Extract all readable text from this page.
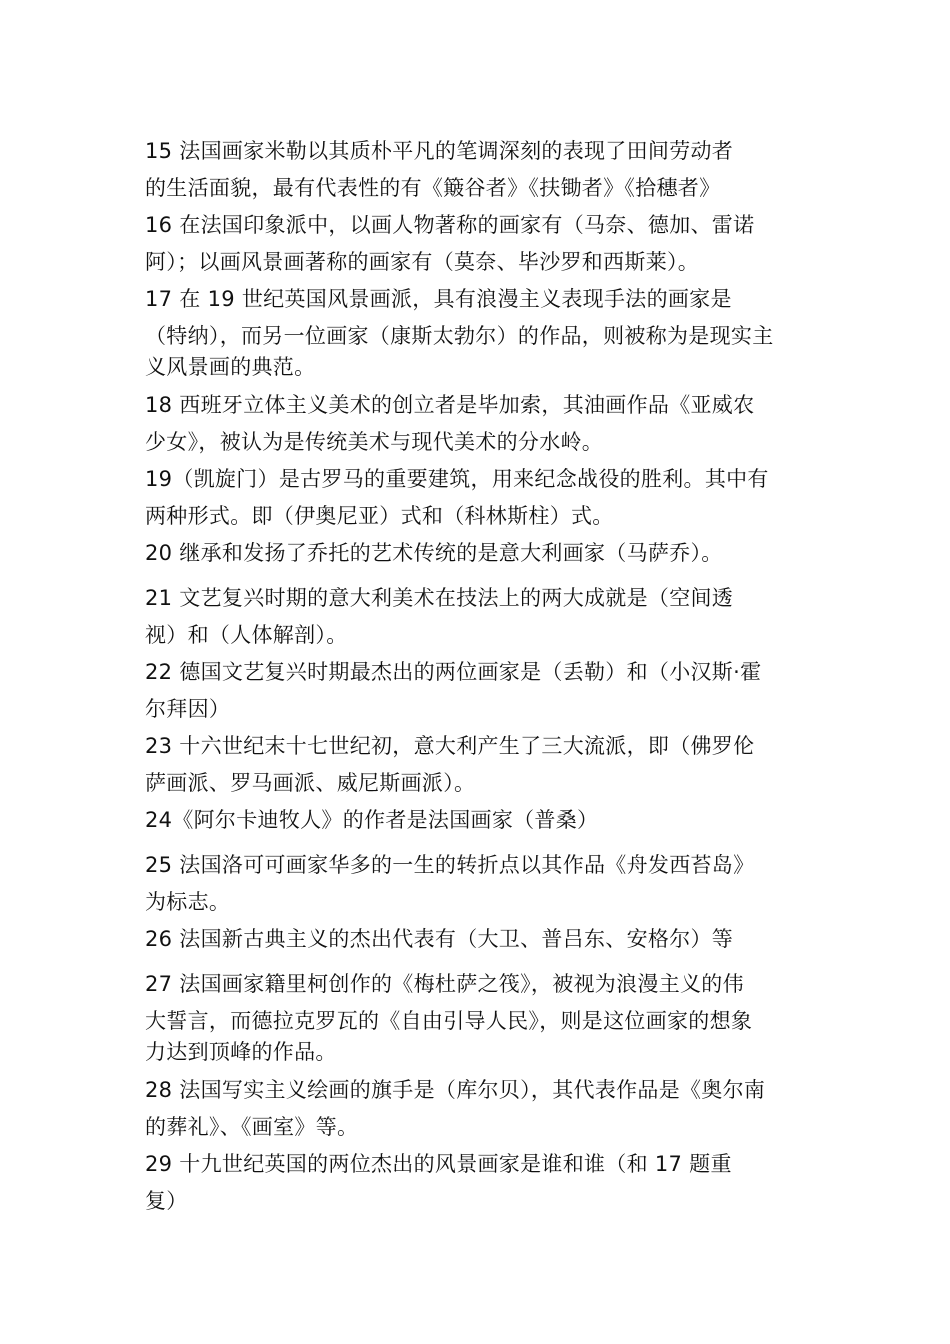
15 法国画家米勒以其质朴平凡的笔调深刻的表现了田间劳动者
的生活面貌，最有代表性的有《簸谷者》《扶锄者》《拾穗者》

16 在法国印象派中，以画人物著称的画家有（马奈、德加、雷诺
阿）；以画风景画著称的画家有（莫奈、毕沙罗和西斯莱）。

17 在 19 世纪英国风景画派，具有浪漫主义表现手法的画家是
（特纳），而另一位画家（康斯太勃尔）的作品，则被称为是现实主
义风景画的典范。

18 西班牙立体主义美术的创立者是毕加索，其油画作品《亚威农
少女》，被认为是传统美术与现代美术的分水岭。

19（凯旋门）是古罗马的重要建筑，用来纪念战役的胜利。其中有
两种形式。即（伊奥尼亚）式和（科林斯柱）式。

20 继承和发扬了乔托的艺术传统的是意大利画家（马萨乔）。

21 文艺复兴时期的意大利美术在技法上的两大成就是（空间透
视）和（人体解剖）。

22 德国文艺复兴时期最杰出的两位画家是（丢勒）和（小汉斯·霍
尔拜因）

23 十六世纪末十七世纪初，意大利产生了三大流派，即（佛罗伦
萨画派、罗马画派、威尼斯画派）。

24《阿尔卡迪牧人》的作者是法国画家（普桑）

25 法国洛可可画家华多的一生的转折点以其作品《舟发西苔岛》
为标志。

26 法国新古典主义的杰出代表有（大卫、普吕东、安格尔）等

27 法国画家籍里柯创作的《梅杜萨之筏》，被视为浪漫主义的伟
大誓言，而德拉克罗瓦的《自由引导人民》，则是这位画家的想象
力达到顶峰的作品。

28 法国写实主义绘画的旗手是（库尔贝），其代表作品是《奥尔南
的葬礼》、《画室》等。

29 十九世纪英国的两位杰出的风景画家是谁和谁（和 17 题重
复）
